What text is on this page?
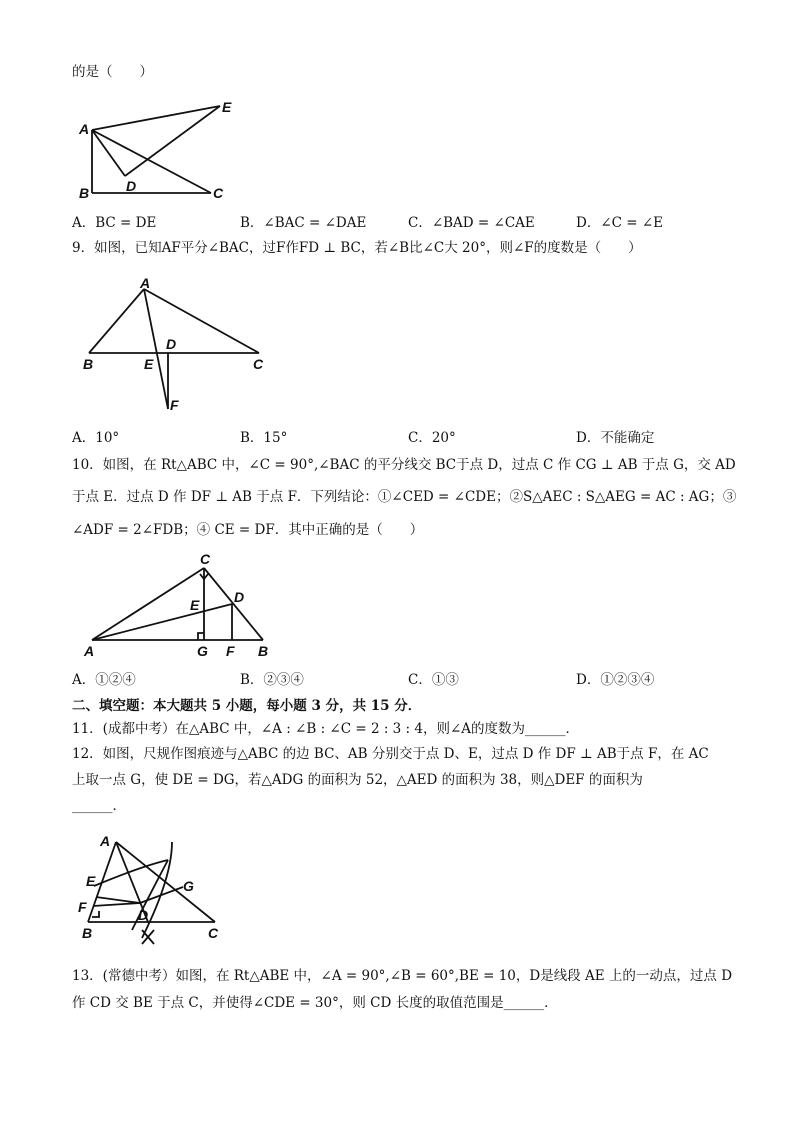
的是（　　）
A
E
D
B	C
A．BC = DE	B．∠BAC = ∠DAE	C．∠BAD = ∠CAE	D．∠C = ∠E
9．如图，已知AF平分∠BAC，过F作FD ⊥ BC，若∠B比∠C大 20°，则∠F的度数是（　　）
A
B	E
D
C
F
A．10°	B．15°	C．20°	D．不能确定
10．如图，在 Rt△ABC 中，∠C = 90°,∠BAC 的平分线交 BC于点 D，过点 C 作 CG ⊥ AB 于点 G，交 AD
于点 E．过点 D 作 DF ⊥ AB 于点 F．下列结论：①∠CED = ∠CDE；②S△AEC : S△AEG = AC : AG；③
∠ADF = 2∠FDB；④ CE = DF．其中正确的是（　　）
C
E D
A	G F B
A．①②④	B．②③④	C．①③	D．①②③④
二、填空题：本大题共 5 小题，每小题 3 分，共 15 分．
11．(成都中考）在△ABC 中，∠A : ∠B : ∠C = 2 : 3 : 4，则∠A的度数为______．
12．如图，尺规作图痕迹与△ABC 的边 BC、AB 分别交于点 D、E，过点 D 作 DF ⊥ AB于点 F，在 AC
上取一点 G，使 DE = DG，若△ADG 的面积为 52，△AED 的面积为 38，则△DEF 的面积为
______．
A
E	G
F	D
B	C
13．(常德中考）如图，在 Rt△ABE 中，∠A = 90°,∠B = 60°,BE = 10，D是线段 AE 上的一动点，过点 D
作 CD 交 BE 于点 C，并使得∠CDE = 30°，则 CD 长度的取值范围是______．
